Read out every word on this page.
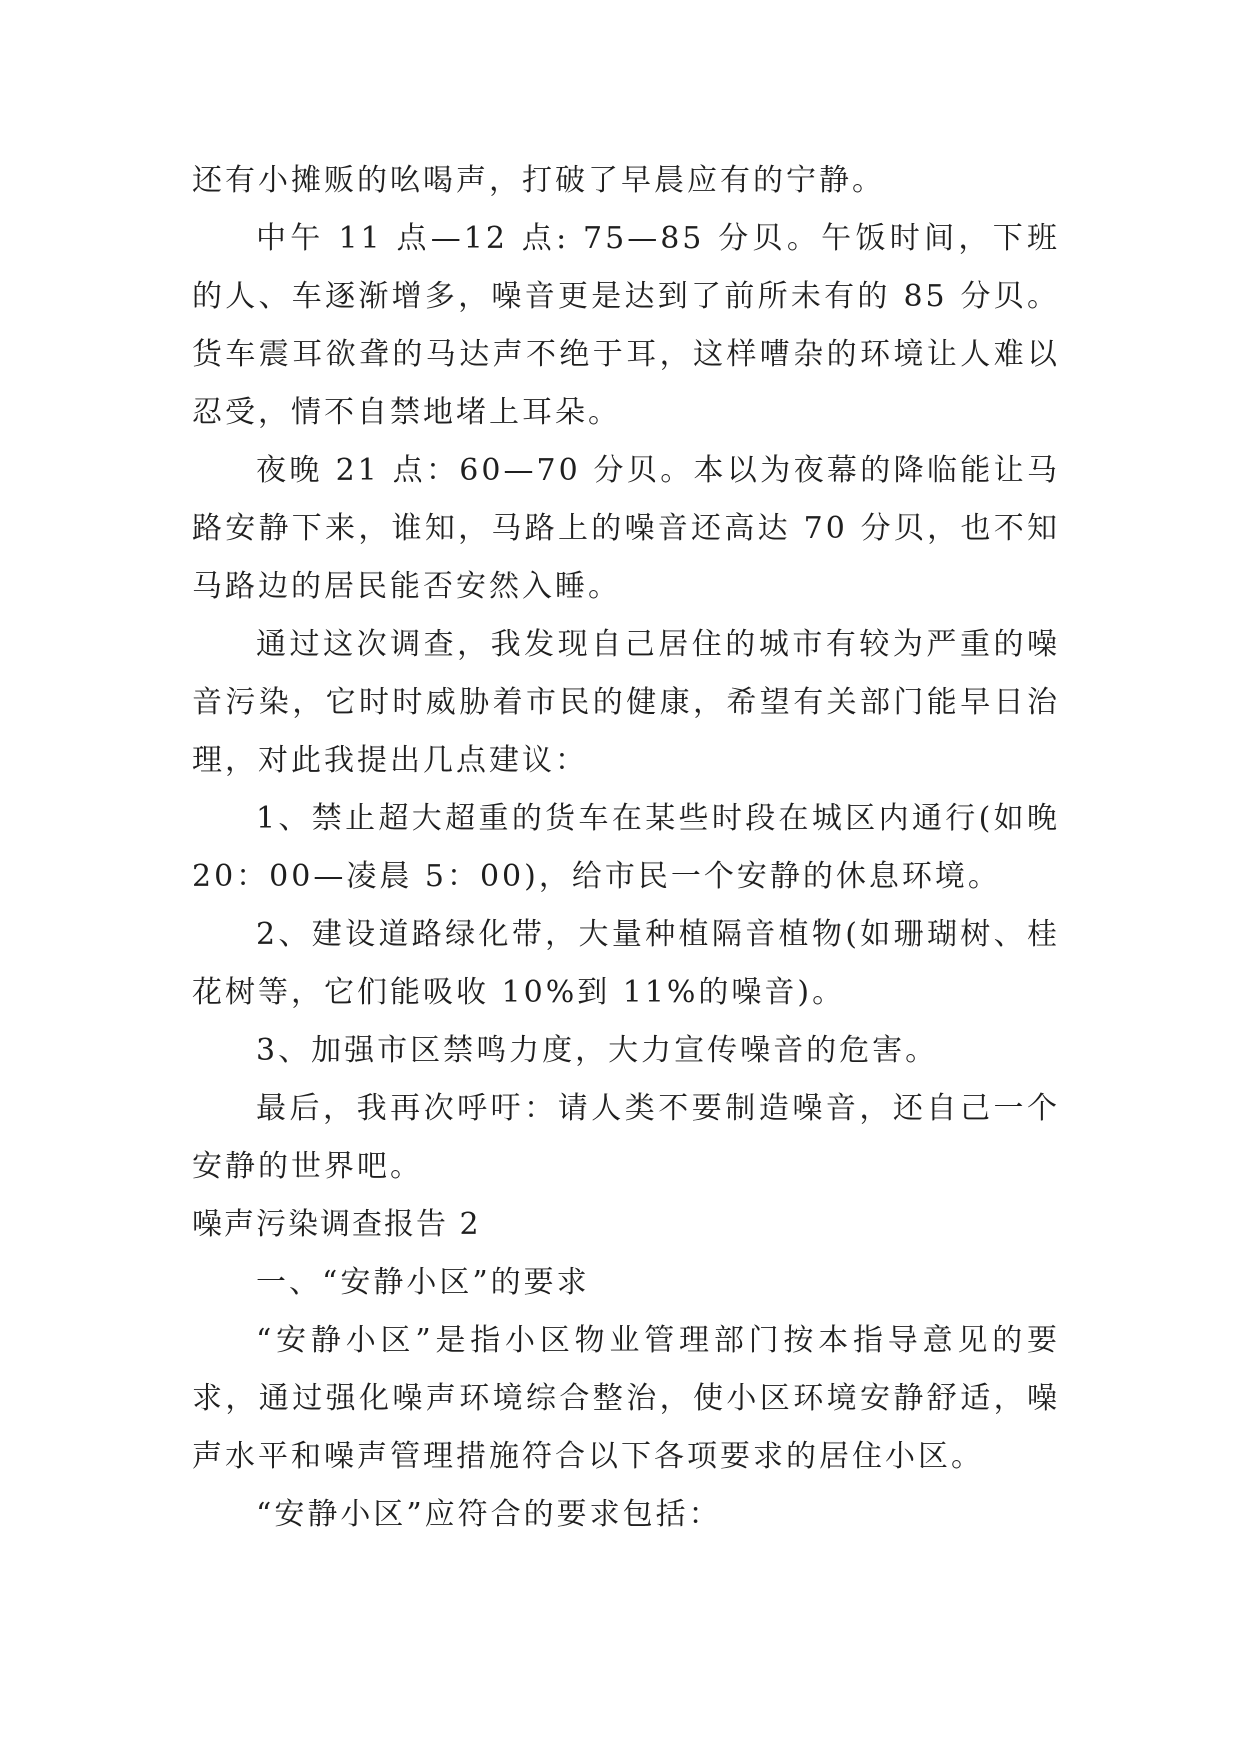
还有小摊贩的吆喝声，打破了早晨应有的宁静。

中午 11 点—12 点: 75—85 分贝。午饭时间，下班的人、车逐渐增多，噪音更是达到了前所未有的 85 分贝。货车震耳欲聋的马达声不绝于耳，这样嘈杂的环境让人难以忍受，情不自禁地堵上耳朵。

夜晚 21 点：60—70 分贝。本以为夜幕的降临能让马路安静下来，谁知，马路上的噪音还高达 70 分贝，也不知马路边的居民能否安然入睡。

通过这次调查，我发现自己居住的城市有较为严重的噪音污染，它时时威胁着市民的健康，希望有关部门能早日治理，对此我提出几点建议：

1、禁止超大超重的货车在某些时段在城区内通行(如晚 20：00—凌晨 5：00)，给市民一个安静的休息环境。

2、建设道路绿化带，大量种植隔音植物(如珊瑚树、桂花树等，它们能吸收 10%到 11%的噪音)。

3、加强市区禁鸣力度，大力宣传噪音的危害。

最后，我再次呼吁：请人类不要制造噪音，还自己一个安静的世界吧。

噪声污染调查报告 2

一、“安静小区”的要求

“安静小区”是指小区物业管理部门按本指导意见的要求，通过强化噪声环境综合整治，使小区环境安静舒适，噪声水平和噪声管理措施符合以下各项要求的居住小区。

“安静小区”应符合的要求包括：
